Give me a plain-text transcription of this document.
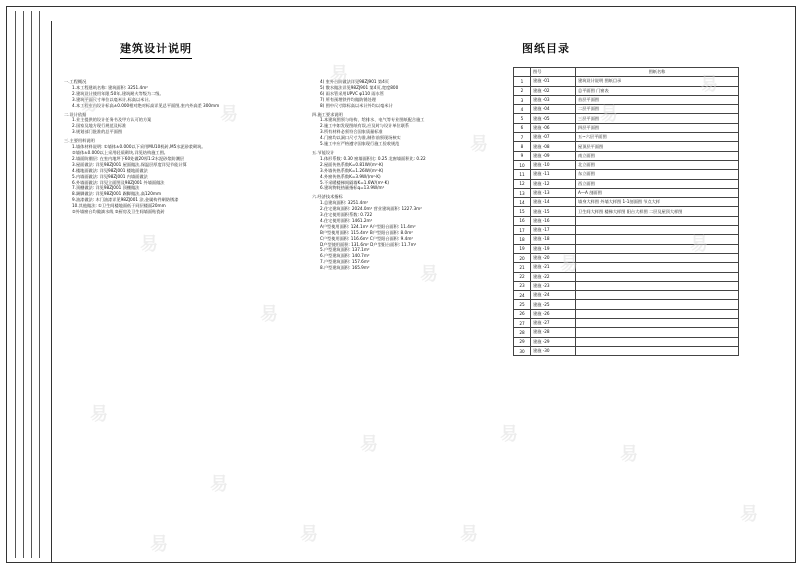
建筑设计说明	图纸目录
一.工程概况
1.本工程建筑名称: 建筑面积: 3251.4m²
2.建筑设计使用年限:50年,建筑耐火等级为二级。
3.建筑平面尺寸单位以毫米计,标高以米计。
4.本工程室内设计标高±0.000相对绝对标高详见总平面图,室内外高差 300mm
二.设计依据
1.业主提供的设计任务书及甲方认可的方案
2.国家及地方现行规范及标准
3.规划部门批准的总平面图
三.主要用料说明
1.墙体材料说明: ①墙体±0.000以下采用MU10机砖,M5水泥砂浆砌筑。
②墙体±0.000以上采用轻质砌块,详见结构施工图。
2.墙面防潮层: 在室内地坪下60处做20厚1:2水泥砂浆防潮层
3.屋面做法: 详见98ZJ001 屋面做法,保温层厚度详见节能计算
4.楼地面做法: 详见98ZJ001 楼地面做法
5.内墙面做法: 详见98ZJ001 内墙面做法
6.外墙面做法: 详见立面图及98ZJ001 外墙面做法
7.顶棚做法: 详见98ZJ001 顶棚做法
8.踢脚做法: 详见98ZJ001 踢脚做法,高120mm
9.油漆做法: 木门油漆详见98ZJ001 涂,金属构件刷防锈漆
10.其他做法: ①卫生间楼地面低于同层楼面20mm
②外墙窗台均做滴水线 ③厨房及卫生间墙面贴瓷砖
4) 室外台阶做法详见98ZJ901 第4页
5) 散水做法详见98ZJ901 第4页,宽度800
6) 雨水管采用UPVC φ110 雨水管
7) 所有预埋铁件均做防锈处理
8) 图中尺寸除标高以米计外均以毫米计
四.施工要求说明
1.本建筑图须与结构、给排水、电气等专业图纸配合施工
2.施工中如发现图纸有误,应及时与设计单位联系
3.所有材料必须符合国家质量标准
4.门窗均以洞口尺寸为准,制作前须现场核实
5.施工中应严格遵守国家现行施工验收规范
五.节能设计
1.体形系数: 0.30 窗墙面积比: 0.25 北窗墙面积比: 0.22
2.屋面传热系数K=0.81W/(m²·K)
3.外墙传热系数K=1.26W/(m²·K)
4.外窗传热系数K=3.9W/(m²·K)
5.不采暖楼梯间隔墙K=1.6W/(m²·K)
6.建筑物耗热量指标q=13.9W/m²
六.经济技术指标
1.总建筑面积: 3251.4m²
2.住宅建筑面积: 2024.0m² 营业建筑面积: 1227.3m²
3.住宅使用面积系数: 0.722
4.住宅使用面积: 1461.2m²
A户型使用面积: 124.1m² A户型阳台面积: 11.4m²
B户型使用面积: 115.4m² B户型阳台面积: 8.0m²
C户型使用面积: 116.6m² C户型阳台面积: 9.4m²
D户型使用面积: 131.6m² D户型阳台面积: 11.7m²
5.户型建筑面积: 137.1m²
6.户型建筑面积: 140.7m²
7.户型建筑面积: 157.6m²
8.户型建筑面积: 165.9m²
	图号	图纸名称
1	建施 -01	建筑设计说明 图纸目录
2	建施 -02	总平面图 门窗表
3	建施 -03	首层平面图
4	建施 -04	二层平面图
5	建施 -05	三层平面图
6	建施 -06	四层平面图
7	建施 -07	五~六层平面图
8	建施 -08	屋顶层平面图
9	建施 -09	南立面图
10	建施 -10	北立面图
11	建施 -11	东立面图
12	建施 -12	西立面图
13	建施 -13	A—A 剖面图
14	建施 -14	墙身大样图 外墙大样图 1-1剖面图 节点大样
15	建施 -15	卫生间大样图 楼梯大样图 阳台大样图 二层及屋顶大样图
16	建施 -16	
17	建施 -17	
18	建施 -18	
19	建施 -19	
20	建施 -20	
21	建施 -21	
22	建施 -22	
23	建施 -23	
24	建施 -24	
25	建施 -25	
26	建施 -26	
27	建施 -27	
28	建施 -28	
29	建施 -29	
30	建施 -30	
易	易
易
易
易
易
易
易
易	易
易
易
易
易	易
易
易
易
易	易
